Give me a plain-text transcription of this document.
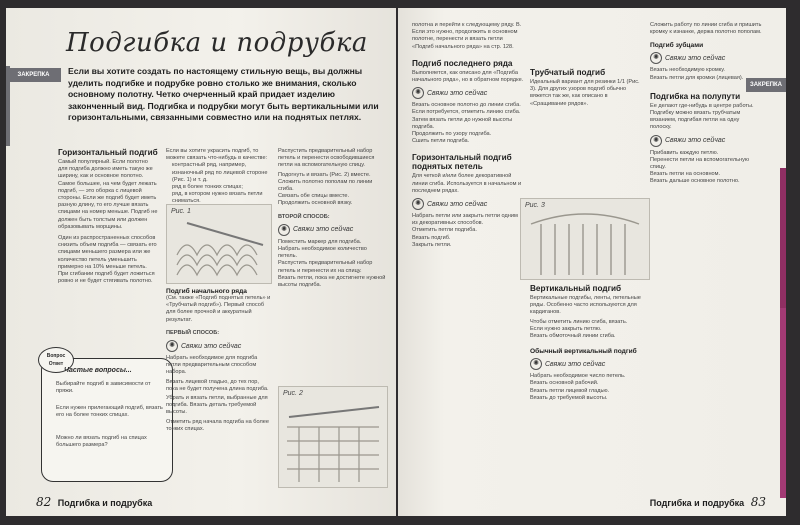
ЗАКРЕПКА
Подгибка и подрубка
Если вы хотите создать по настоящему стильную вещь, вы должны уделить подгибке и подрубке ровно столько же внимания, сколько основному полотну. Четко очерченный край придает изделию законченный вид. Подгибка и подрубки могут быть вертикальными или горизонтальными, связанными совместно или на поднятых петлях.
Горизонтальный подгиб
Самый популярный. Если полотно для подгиба должно иметь такую же ширину, как и основное полотно. Самое большее, на чем будет лежать подгиб, — это оборка с лицевой стороны. Если же подгиб будет иметь разную длину, то его лучше вязать спицами на номер меньше. Подгиб не должен быть толстым или должен образовывать морщины.
Один из распространенных способов снизить объем подгиба — связать его спицами меньшего размера или же количество петель уменьшить примерно на 10% меньше петель. При сгибании подгиб будет ложиться ровно и не будет стягивать полотно.
Вопрос Ответ
Частые вопросы...
Выбирайте подгиб в зависимости от пряжи.
Если нужен прилегающий подгиб, вязать его на более тонких спицах.
Можно ли вязать подгиб на спицах большего размера?
Если вы хотите украсить подгиб, то можете связать что-нибудь в качестве:
контрастный ряд, например, изнаночный ряд по лицевой стороне (Рис. 1) и т. д.
ряд в более тонких спицах;
ряд, в котором нужно вязать петли сниматься.
Рис. 1
Подгиб начального ряда
(См. также «Подгиб поднятых петель» и «Трубчатый подгиб»). Первый способ для более прочной и аккуратный результат.
ПЕРВЫЙ СПОСОБ:
✺ Свяжи это сейчас
Набрать необходимое для подгиба петли предварительным способом набора.
Вязать лицевой гладью, до тех пор, пока не будет получена длина подгиба.
Убрать и вязать петли, выбранные для подгиба. Вязать деталь требуемой высоты.
Отметить ряд начала подгиба на более тонких спицах.
Распустить предварительный набор петель и перенести освободившиеся петли на вспомогательную спицу.
Подогнуть и вязать (Рис. 2) вместе.
Сложить полотно пополам по линии сгиба.
Связать обе спицы вместе.
Продолжить основной вязку.
ВТОРОЙ СПОСОБ:
✺ Свяжи это сейчас
Поместить маркер для подгиба.
Набрать необходимое количество петель.
Распустить предварительный набор петель и перенести их на спицу.
Вязать петли, пока не достигнете нужной высоты подгиба.
Рис. 2
82 Подгибка и подрубка
ЗАКРЕПКА
полотна и перейти к следующему ряду. В. Если это нужно, продолжить в основном полотне, перенести и вязать петли «Подгиб начального ряда» на стр. 128.
Подгиб последнего ряда
Выполняется, как описано для «Подгиба начального ряда», но в обратном порядке.
✺ Свяжи это сейчас
Вязать основное полотно до линии сгиба.
Если потребуется, отметить линию сгиба. Затем вязать петли до нужной высоты подгиба.
Продолжить по узору подгиба.
Сшить петли подгиба.
Горизонтальный подгиб поднятых петель
Для четкой и/или более декоративной линии сгиба. Используется в начальном и последнем рядах.
✺ Свяжи это сейчас
Набрать петли или закрыть петли одним из декоративных способов.
Отметить петли подгиба.
Вязать подгиб.
Закрыть петли.
Трубчатый подгиб
Идеальный вариант для резинки 1/1 (Рис. 3). Для других узоров подгиб обычно вяжется так же, как описано в «Сращивание рядов».
Рис. 3
Вертикальный подгиб
Вертикальные подгибы, ленты, петельные ряды. Особенно часто используются для кардиганов.
Чтобы отметить линию сгиба, вязать.
Если нужно закрыть петлю.
Вязать обмоточный линии сгиба.
Обычный вертикальный подгиб
✺ Свяжи это сейчас
Набрать необходимое число петель.
Вязать основной рабочий.
Вязать петли лицевой гладью.
Вязать до требуемой высоты.
Сложить работу по линии сгиба и пришить кромку к изнанке, держа полотно пополам.
Подгиб зубцами
✺ Свяжи это сейчас
Вязать необходимую кромку.
Вязать петли для кромки (лицевая).
Подгибка на полупути
Ее делают где-нибудь в центре работы. Подгибку можно вязать трубчатым вязанием, подгибая петли на одну полоску.
✺ Свяжи это сейчас
Прибавить каждую петлю.
Перенести петли на вспомогательную спицу.
Вязать петли на основном.
Вязать дальше основное полотно.
Подгибка и подрубка 83
